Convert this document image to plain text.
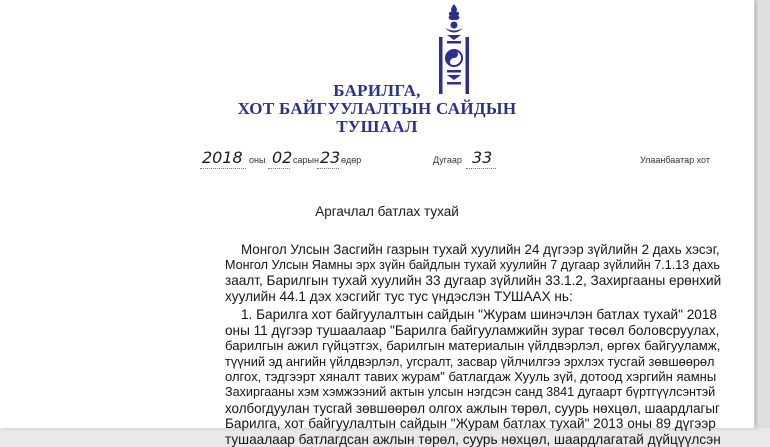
БАРИЛГА,
ХОТ БАЙГУУЛАЛТЫН САЙДЫН
ТУШААЛ
2018 оны 02 сарын 23 өдөр	Дугаар 33	Улаанбаатар хот
Аргачлал батлах тухай
Монгол Улсын Засгийн газрын тухай хуулийн 24 дүгээр зүйлийн 2 дахь хэсэг,
Монгол Улсын Яамны эрх зүйн байдлын тухай хуулийн 7 дугаар зүйлийн 7.1.13 дахь
заалт, Барилгын тухай хуулийн 33 дугаар зүйлийн 33.1.2, Захиргааны ерөнхий
хуулийн 44.1 дэх хэсгийг тус тус үндэслэн ТУШААХ нь:
1. Барилга хот байгуулалтын сайдын "Журам шинэчлэн батлах тухай" 2018
оны 11 дүгээр тушаалаар "Барилга байгууламжийн зураг төсөл боловсруулах,
барилгын ажил гүйцэтгэх, барилгын материалын үйлдвэрлэл, өргөх байгууламж,
түүний эд ангийн үйлдвэрлэл, угсралт, засвар үйлчилгээ эрхлэх тусгай зөвшөөрөл
олгох, тэдгээрт хяналт тавих журам" батлагдаж Хууль зүй, дотоод хэргийн яамны
Захиргааны хэм хэмжээний актын улсын нэгдсэн санд 3841 дугаарт бүртгүүлсэнтэй
холбогдуулан тусгай зөвшөөрөл олгох ажлын төрөл, суурь нөхцөл, шаардлагыг
Барилга, хот байгуулалтын сайдын "Журам батлах тухай" 2013 оны 89 дүгээр
тушаалаар батлагдсан ажлын төрөл, суурь нөхцөл, шаардлагатай дүйцүүлсэн
